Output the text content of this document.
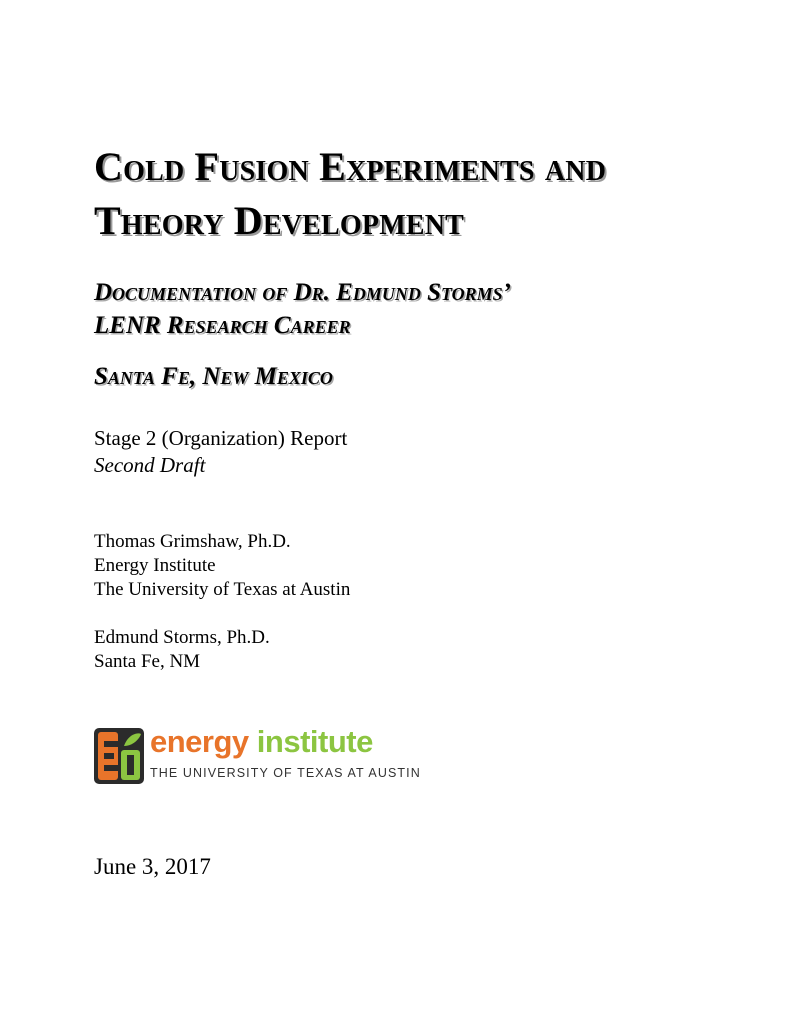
Cold Fusion Experiments and
Theory Development
Documentation of Dr. Edmund Storms’
LENR Research Career
Santa Fe, New Mexico
Stage 2 (Organization) Report
Second Draft
Thomas Grimshaw, Ph.D.
Energy Institute
The University of Texas at Austin
Edmund Storms, Ph.D.
Santa Fe, NM
energy institute
THE UNIVERSITY OF TEXAS AT AUSTIN
June 3, 2017
